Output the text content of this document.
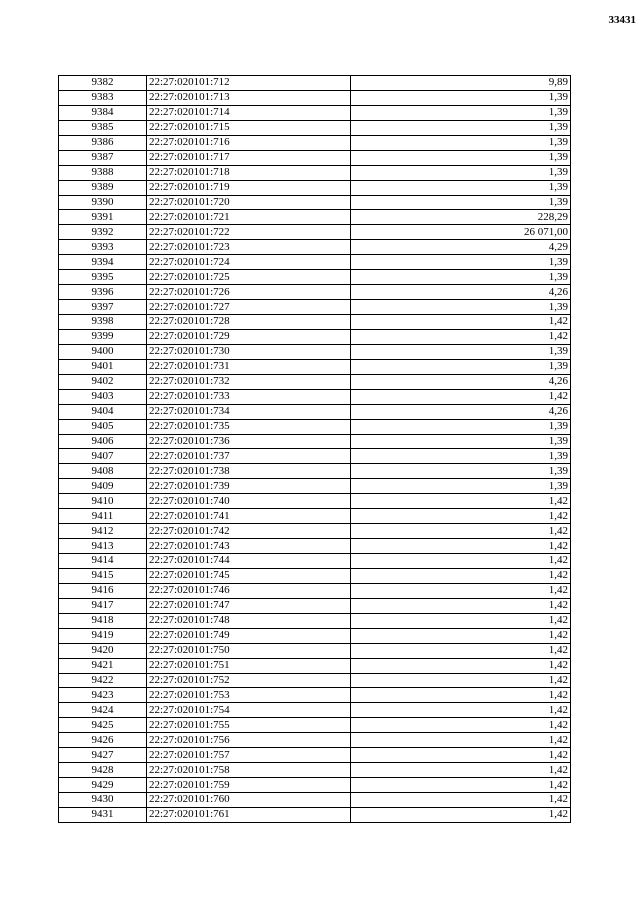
33431
9382	22:27:020101:712	9,89
9383	22:27:020101:713	1,39
9384	22:27:020101:714	1,39
9385	22:27:020101:715	1,39
9386	22:27:020101:716	1,39
9387	22:27:020101:717	1,39
9388	22:27:020101:718	1,39
9389	22:27:020101:719	1,39
9390	22:27:020101:720	1,39
9391	22:27:020101:721	228,29
9392	22:27:020101:722	26 071,00
9393	22:27:020101:723	4,29
9394	22:27:020101:724	1,39
9395	22:27:020101:725	1,39
9396	22:27:020101:726	4,26
9397	22:27:020101:727	1,39
9398	22:27:020101:728	1,42
9399	22:27:020101:729	1,42
9400	22:27:020101:730	1,39
9401	22:27:020101:731	1,39
9402	22:27:020101:732	4,26
9403	22:27:020101:733	1,42
9404	22:27:020101:734	4,26
9405	22:27:020101:735	1,39
9406	22:27:020101:736	1,39
9407	22:27:020101:737	1,39
9408	22:27:020101:738	1,39
9409	22:27:020101:739	1,39
9410	22:27:020101:740	1,42
9411	22:27:020101:741	1,42
9412	22:27:020101:742	1,42
9413	22:27:020101:743	1,42
9414	22:27:020101:744	1,42
9415	22:27:020101:745	1,42
9416	22:27:020101:746	1,42
9417	22:27:020101:747	1,42
9418	22:27:020101:748	1,42
9419	22:27:020101:749	1,42
9420	22:27:020101:750	1,42
9421	22:27:020101:751	1,42
9422	22:27:020101:752	1,42
9423	22:27:020101:753	1,42
9424	22:27:020101:754	1,42
9425	22:27:020101:755	1,42
9426	22:27:020101:756	1,42
9427	22:27:020101:757	1,42
9428	22:27:020101:758	1,42
9429	22:27:020101:759	1,42
9430	22:27:020101:760	1,42
9431	22:27:020101:761	1,42
